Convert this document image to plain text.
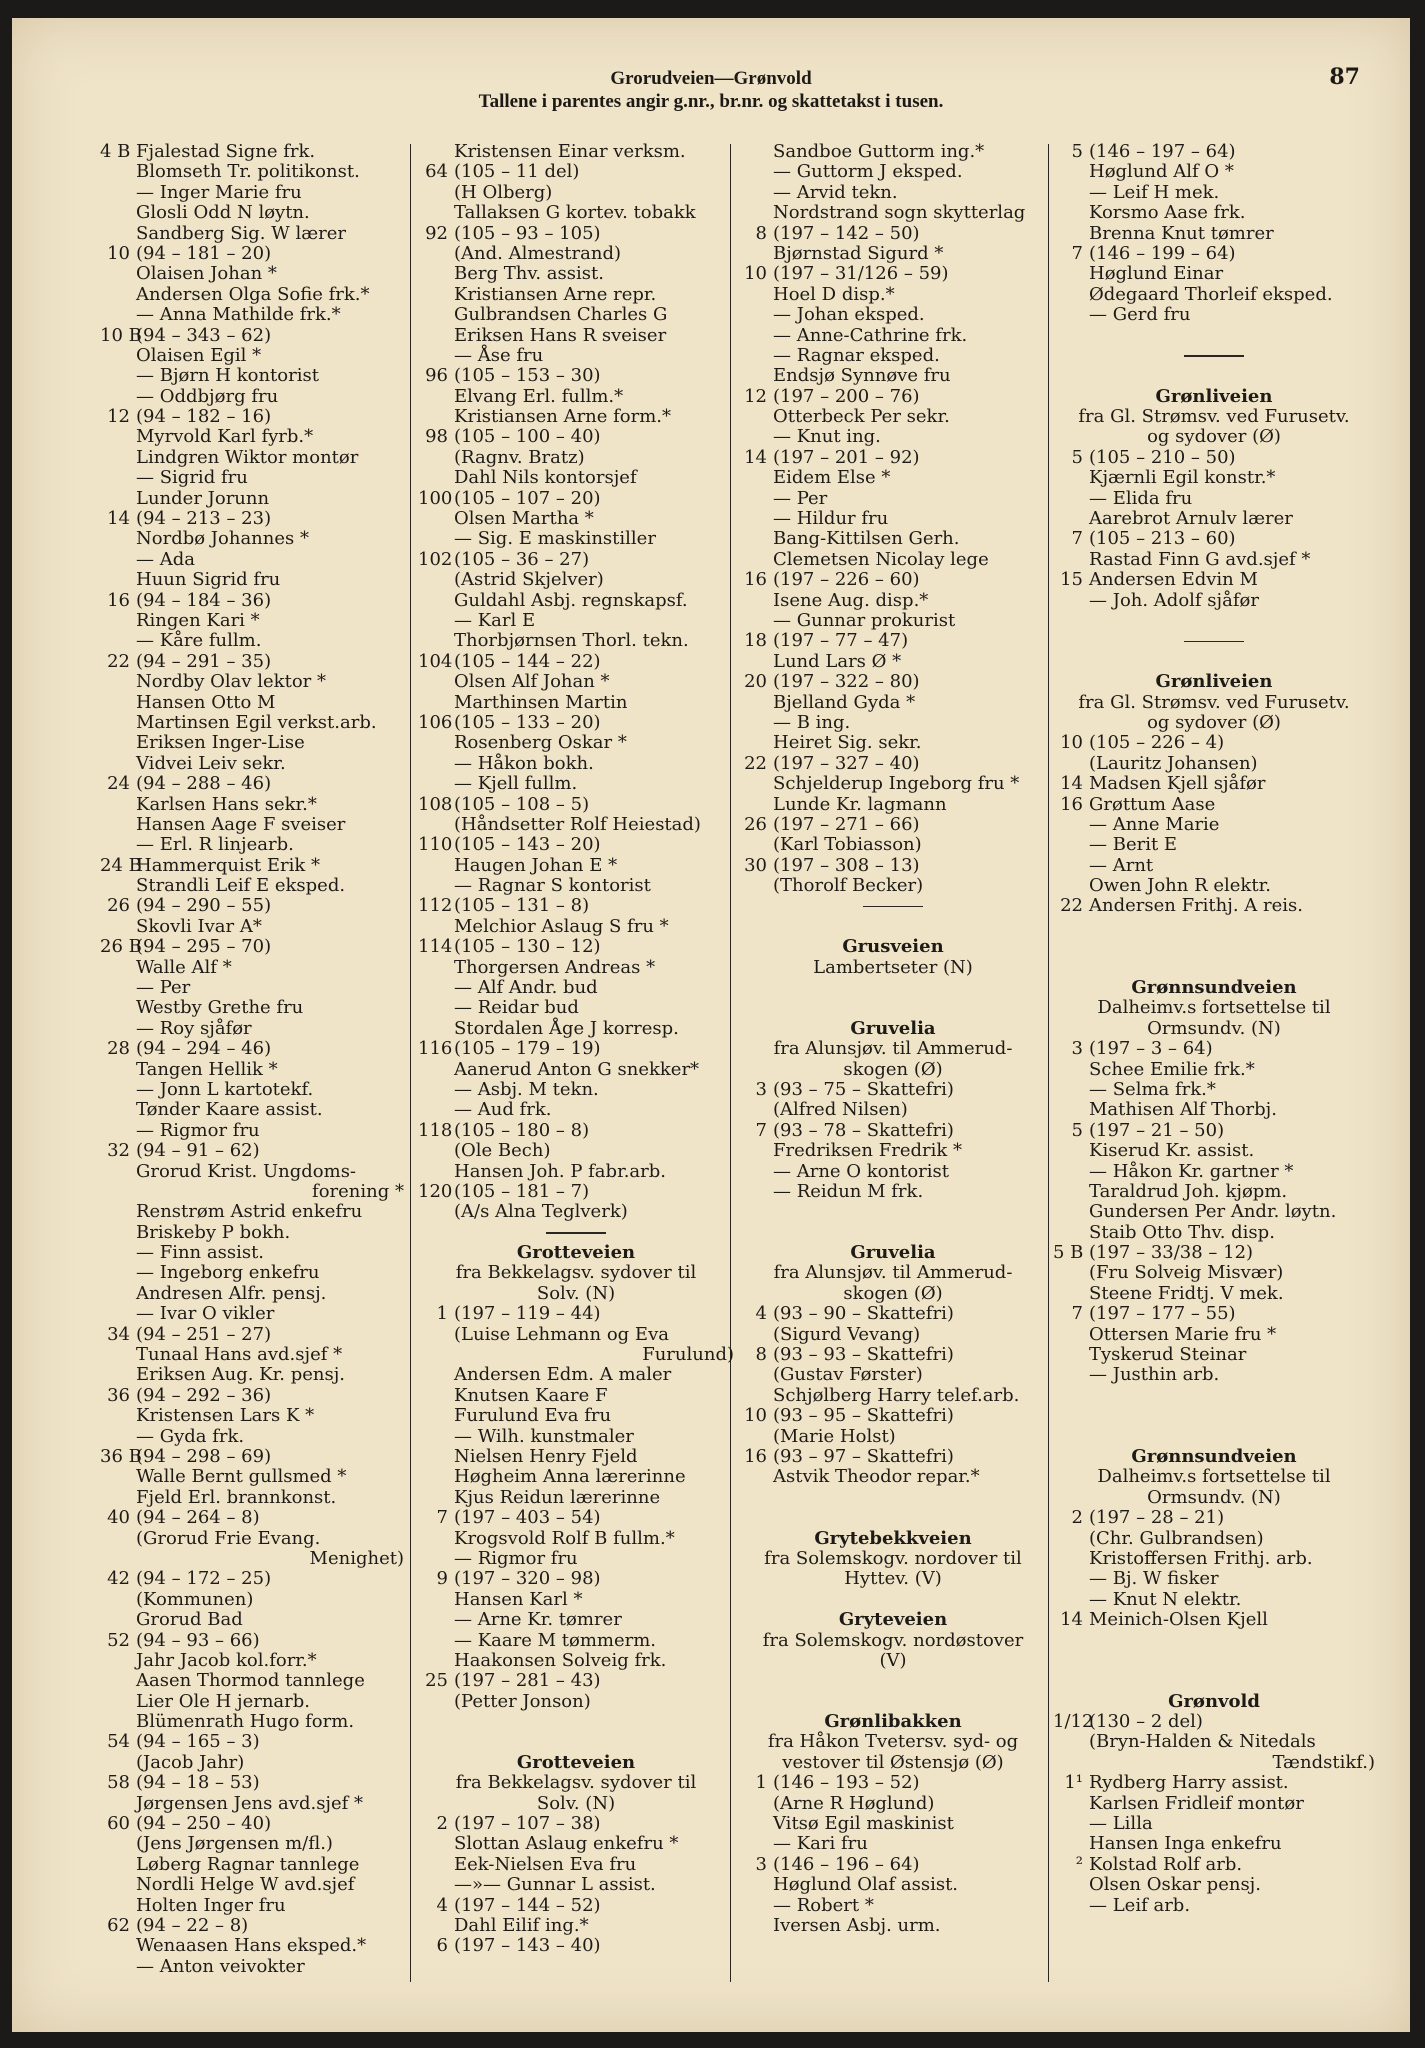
Grorudveien—Grønvold	87
Tallene i parentes angir g.nr., br.nr. og skattetakst i tusen.
4 B Fjalestad Signe frk.
Blomseth Tr. politikonst.
— Inger Marie fru
Glosli Odd N løytn.
Sandberg Sig. W lærer
10 (94 – 181 – 20)
Olaisen Johan *
Andersen Olga Sofie frk.*
— Anna Mathilde frk.*
10 B(94 – 343 – 62)
Olaisen Egil *
— Bjørn H kontorist
— Oddbjørg fru
12 (94 – 182 – 16)
Myrvold Karl fyrb.*
Lindgren Wiktor montør
— Sigrid fru
Lunder Jorunn
14 (94 – 213 – 23)
Nordbø Johannes *
— Ada
Huun Sigrid fru
16 (94 – 184 – 36)
Ringen Kari *
— Kåre fullm.
22 (94 – 291 – 35)
Nordby Olav lektor *
Hansen Otto M
Martinsen Egil verkst.arb.
Eriksen Inger-Lise
Vidvei Leiv sekr.
24 (94 – 288 – 46)
Karlsen Hans sekr.*
Hansen Aage F sveiser
— Erl. R linjearb.
24 BHammerquist Erik *
Strandli Leif E eksped.
26 (94 – 290 – 55)
Skovli Ivar A*
26 B(94 – 295 – 70)
Walle Alf *
— Per
Westby Grethe fru
— Roy sjåfør
28 (94 – 294 – 46)
Tangen Hellik *
— Jonn L kartotekf.
Tønder Kaare assist.
— Rigmor fru
32 (94 – 91 – 62)
Grorud Krist. Ungdoms-
forening *
Renstrøm Astrid enkefru
Briskeby P bokh.
— Finn assist.
— Ingeborg enkefru
Andresen Alfr. pensj.
— Ivar O vikler
34 (94 – 251 – 27)
Tunaal Hans avd.sjef *
Eriksen Aug. Kr. pensj.
36 (94 – 292 – 36)
Kristensen Lars K *
— Gyda frk.
36 B(94 – 298 – 69)
Walle Bernt gullsmed *
Fjeld Erl. brannkonst.
40 (94 – 264 – 8)
(Grorud Frie Evang.
Menighet)
42 (94 – 172 – 25)
(Kommunen)
Grorud Bad
52 (94 – 93 – 66)
Jahr Jacob kol.forr.*
Aasen Thormod tannlege
Lier Ole H jernarb.
Blümenrath Hugo form.
54 (94 – 165 – 3)
(Jacob Jahr)
58 (94 – 18 – 53)
Jørgensen Jens avd.sjef *
60 (94 – 250 – 40)
(Jens Jørgensen m/fl.)
Løberg Ragnar tannlege
Nordli Helge W avd.sjef
Holten Inger fru
62 (94 – 22 – 8)
Wenaasen Hans eksped.*
— Anton veivokter
Kristensen Einar verksm.
64 (105 – 11 del)
(H Olberg)
Tallaksen G kortev. tobakk
92 (105 – 93 – 105)
(And. Almestrand)
Berg Thv. assist.
Kristiansen Arne repr.
Gulbrandsen Charles G
Eriksen Hans R sveiser
— Åse fru
96 (105 – 153 – 30)
Elvang Erl. fullm.*
Kristiansen Arne form.*
98 (105 – 100 – 40)
(Ragnv. Bratz)
Dahl Nils kontorsjef
100(105 – 107 – 20)
Olsen Martha *
— Sig. E maskinstiller
102(105 – 36 – 27)
(Astrid Skjelver)
Guldahl Asbj. regnskapsf.
— Karl E
Thorbjørnsen Thorl. tekn.
104(105 – 144 – 22)
Olsen Alf Johan *
Marthinsen Martin
106(105 – 133 – 20)
Rosenberg Oskar *
— Håkon bokh.
— Kjell fullm.
108(105 – 108 – 5)
(Håndsetter Rolf Heiestad)
110(105 – 143 – 20)
Haugen Johan E *
— Ragnar S kontorist
112(105 – 131 – 8)
Melchior Aslaug S fru *
114(105 – 130 – 12)
Thorgersen Andreas *
— Alf Andr. bud
— Reidar bud
Stordalen Åge J korresp.
116(105 – 179 – 19)
Aanerud Anton G snekker*
— Asbj. M tekn.
— Aud frk.
118(105 – 180 – 8)
(Ole Bech)
Hansen Joh. P fabr.arb.
120(105 – 181 – 7)
(A/s Alna Teglverk)
Grotteveien
fra Bekkelagsv. sydover til
Solv. (N)
1 (197 – 119 – 44)
(Luise Lehmann og Eva
Furulund)
Andersen Edm. A maler
Knutsen Kaare F
Furulund Eva fru
— Wilh. kunstmaler
Nielsen Henry Fjeld
Høgheim Anna lærerinne
Kjus Reidun lærerinne
7 (197 – 403 – 54)
Krogsvold Rolf B fullm.*
— Rigmor fru
9 (197 – 320 – 98)
Hansen Karl *
— Arne Kr. tømrer
— Kaare M tømmerm.
Haakonsen Solveig frk.
25 (197 – 281 – 43)
(Petter Jonson)
Grotteveien
fra Bekkelagsv. sydover til
Solv. (N)
2 (197 – 107 – 38)
Slottan Aslaug enkefru *
Eek-Nielsen Eva fru
—»— Gunnar L assist.
4 (197 – 144 – 52)
Dahl Eilif ing.*
6 (197 – 143 – 40)
Sandboe Guttorm ing.*
— Guttorm J eksped.
— Arvid tekn.
Nordstrand sogn skytterlag
8 (197 – 142 – 50)
Bjørnstad Sigurd *
10 (197 – 31/126 – 59)
Hoel D disp.*
— Johan eksped.
— Anne-Cathrine frk.
— Ragnar eksped.
Endsjø Synnøve fru
12 (197 – 200 – 76)
Otterbeck Per sekr.
— Knut ing.
14 (197 – 201 – 92)
Eidem Else *
— Per
— Hildur fru
Bang-Kittilsen Gerh.
Clemetsen Nicolay lege
16 (197 – 226 – 60)
Isene Aug. disp.*
— Gunnar prokurist
18 (197 – 77 – 47)
Lund Lars Ø *
20 (197 – 322 – 80)
Bjelland Gyda *
— B ing.
Heiret Sig. sekr.
22 (197 – 327 – 40)
Schjelderup Ingeborg fru *
Lunde Kr. lagmann
26 (197 – 271 – 66)
(Karl Tobiasson)
30 (197 – 308 – 13)
(Thorolf Becker)
Grusveien
Lambertseter (N)
Gruvelia
fra Alunsjøv. til Ammerud-
skogen (Ø)
3 (93 – 75 – Skattefri)
(Alfred Nilsen)
7 (93 – 78 – Skattefri)
Fredriksen Fredrik *
— Arne O kontorist
— Reidun M frk.
Gruvelia
fra Alunsjøv. til Ammerud-
skogen (Ø)
4 (93 – 90 – Skattefri)
(Sigurd Vevang)
8 (93 – 93 – Skattefri)
(Gustav Førster)
Schjølberg Harry telef.arb.
10 (93 – 95 – Skattefri)
(Marie Holst)
16 (93 – 97 – Skattefri)
Astvik Theodor repar.*
Grytebekkveien
fra Solemskogv. nordover til
Hyttev. (V)
Gryteveien
fra Solemskogv. nordøstover
(V)
Grønlibakken
fra Håkon Tvetersv. syd- og
vestover til Østensjø (Ø)
1 (146 – 193 – 52)
(Arne R Høglund)
Vitsø Egil maskinist
— Kari fru
3 (146 – 196 – 64)
Høglund Olaf assist.
— Robert *
Iversen Asbj. urm.
5 (146 – 197 – 64)
Høglund Alf O *
— Leif H mek.
Korsmo Aase frk.
Brenna Knut tømrer
7 (146 – 199 – 64)
Høglund Einar
Ødegaard Thorleif eksped.
— Gerd fru
Grønliveien
fra Gl. Strømsv. ved Furusetv.
og sydover (Ø)
5 (105 – 210 – 50)
Kjærnli Egil konstr.*
— Elida fru
Aarebrot Arnulv lærer
7 (105 – 213 – 60)
Rastad Finn G avd.sjef *
15 Andersen Edvin M
— Joh. Adolf sjåfør
Grønliveien
fra Gl. Strømsv. ved Furusetv.
og sydover (Ø)
10 (105 – 226 – 4)
(Lauritz Johansen)
14 Madsen Kjell sjåfør
16 Grøttum Aase
— Anne Marie
— Berit E
— Arnt
Owen John R elektr.
22 Andersen Frithj. A reis.
Grønnsundveien
Dalheimv.s fortsettelse til
Ormsundv. (N)
3 (197 – 3 – 64)
Schee Emilie frk.*
— Selma frk.*
Mathisen Alf Thorbj.
5 (197 – 21 – 50)
Kiserud Kr. assist.
— Håkon Kr. gartner *
Taraldrud Joh. kjøpm.
Gundersen Per Andr. løytn.
Staib Otto Thv. disp.
5 B (197 – 33/38 – 12)
(Fru Solveig Misvær)
Steene Fridtj. V mek.
7 (197 – 177 – 55)
Ottersen Marie fru *
Tyskerud Steinar
— Justhin arb.
Grønnsundveien
Dalheimv.s fortsettelse til
Ormsundv. (N)
2 (197 – 28 – 21)
(Chr. Gulbrandsen)
Kristoffersen Frithj. arb.
— Bj. W fisker
— Knut N elektr.
14 Meinich-Olsen Kjell
Grønvold
1/12(130 – 2 del)
(Bryn-Halden & Nitedals
Tændstikf.)
1¹ Rydberg Harry assist.
Karlsen Fridleif montør
— Lilla
Hansen Inga enkefru
² Kolstad Rolf arb.
Olsen Oskar pensj.
— Leif arb.
